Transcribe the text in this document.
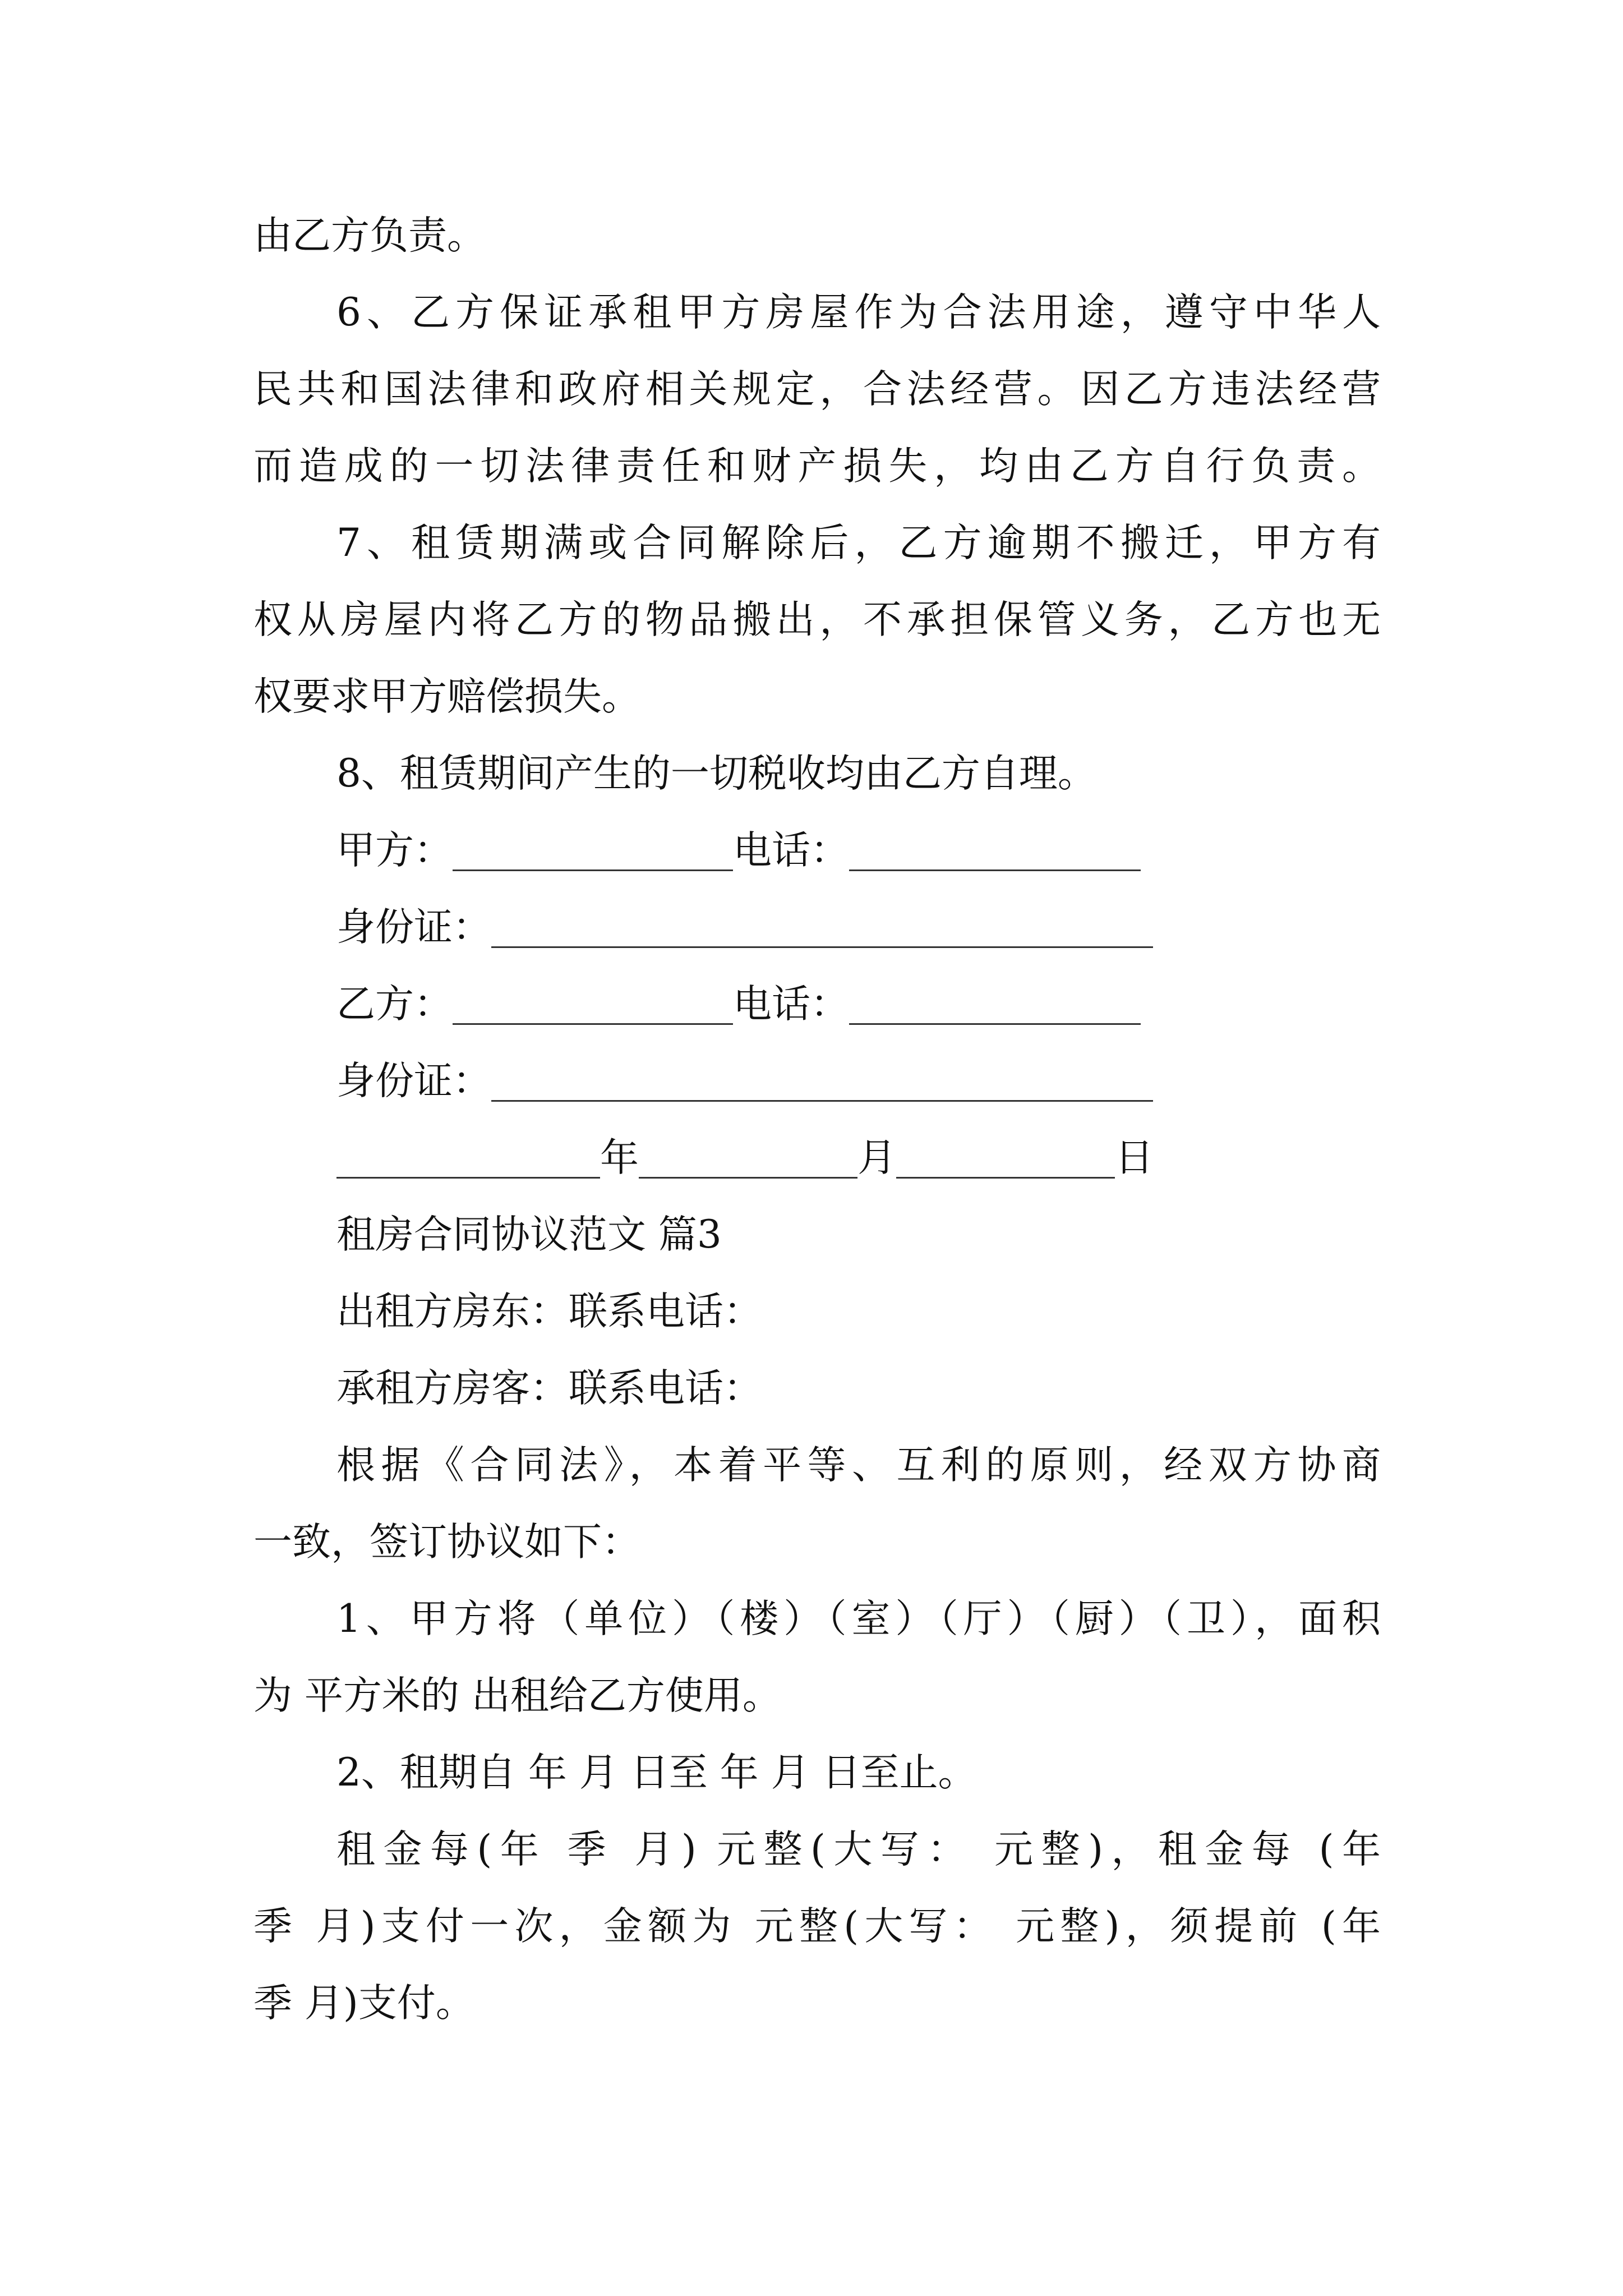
由乙方负责。
6、乙方保证承租甲方房屋作为合法用途，遵守中华人
民共和国法律和政府相关规定，合法经营。因乙方违法经营
而造成的一切法律责任和财产损失，均由乙方自行负责。
7、租赁期满或合同解除后，乙方逾期不搬迁，甲方有
权从房屋内将乙方的物品搬出，不承担保管义务，乙方也无
权要求甲方赔偿损失。
8、租赁期间产生的一切税收均由乙方自理。
甲方：	电话：
身份证：
乙方：	电话：
身份证：
年	月	日
租房合同协议范文 篇3
出租方房东：联系电话：
承租方房客：联系电话：
根据《合同法》，本着平等、互利的原则，经双方协商
一致，签订协议如下：
1、甲方将（单位）（楼）（室）（厅）（厨）（卫），面积
为 平方米的 出租给乙方使用。
2、租期自 年 月 日至 年 月 日至止。
租金每(年 季 月) 元整(大写： 元整)，租金每 (年
季 月)支付一次，金额为 元整(大写： 元整)，须提前 (年
季 月)支付。
